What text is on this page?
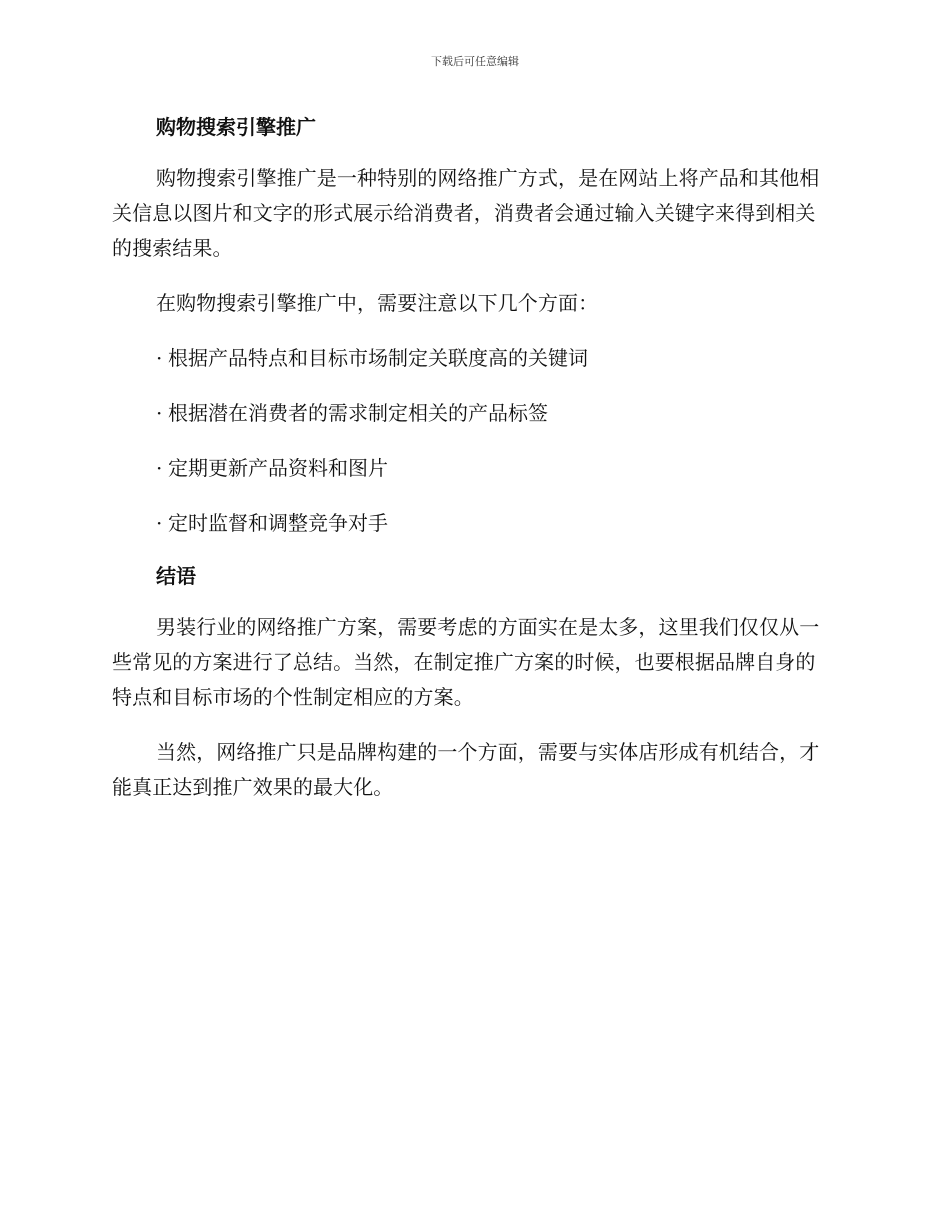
下载后可任意编辑
购物搜索引擎推广

购物搜索引擎推广是一种特别的网络推广方式，是在网站上将产品和其他相关信息以图片和文字的形式展示给消费者，消费者会通过输入关键字来得到相关的搜索结果。

在购物搜索引擎推广中，需要注意以下几个方面：

· 根据产品特点和目标市场制定关联度高的关键词
· 根据潜在消费者的需求制定相关的产品标签
· 定期更新产品资料和图片
· 定时监督和调整竞争对手
结语

男装行业的网络推广方案，需要考虑的方面实在是太多，这里我们仅仅从一些常见的方案进行了总结。当然，在制定推广方案的时候，也要根据品牌自身的特点和目标市场的个性制定相应的方案。

当然，网络推广只是品牌构建的一个方面，需要与实体店形成有机结合，才能真正达到推广效果的最大化。
